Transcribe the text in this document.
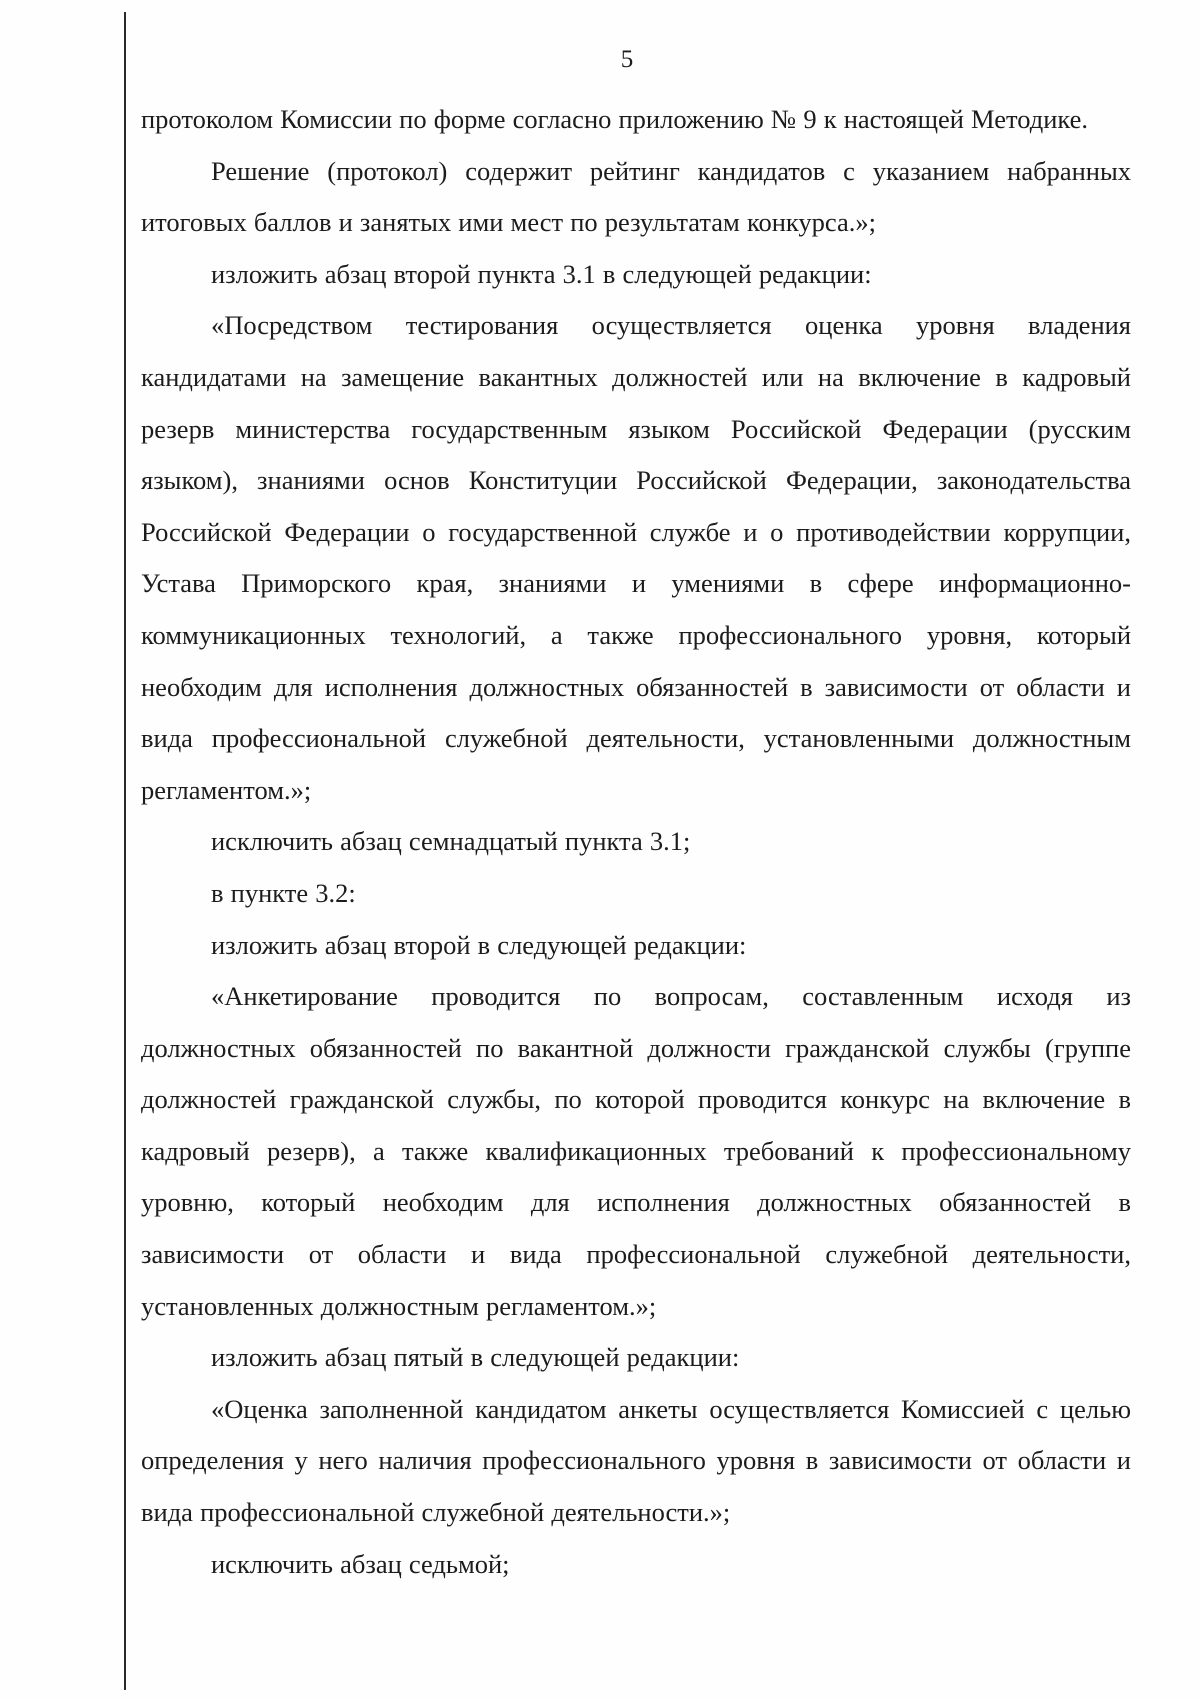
5

протоколом Комиссии по форме согласно приложению № 9 к настоящей Методике.

Решение (протокол) содержит рейтинг кандидатов с указанием набранных итоговых баллов и занятых ими мест по результатам конкурса.»;

изложить абзац второй пункта 3.1 в следующей редакции:

«Посредством тестирования осуществляется оценка уровня владения кандидатами на замещение вакантных должностей или на включение в кадровый резерв министерства государственным языком Российской Федерации (русским языком), знаниями основ Конституции Российской Федерации, законодательства Российской Федерации о государственной службе и о противодействии коррупции, Устава Приморского края, знаниями и умениями в сфере информационно-коммуникационных технологий, а также профессионального уровня, который необходим для исполнения должностных обязанностей в зависимости от области и вида профессиональной служебной деятельности, установленными должностным регламентом.»;

исключить абзац семнадцатый пункта 3.1;

в пункте 3.2:

изложить абзац второй в следующей редакции:

«Анкетирование проводится по вопросам, составленным исходя из должностных обязанностей по вакантной должности гражданской службы (группе должностей гражданской службы, по которой проводится конкурс на включение в кадровый резерв), а также квалификационных требований к профессиональному уровню, который необходим для исполнения должностных обязанностей в зависимости от области и вида профессиональной служебной деятельности, установленных должностным регламентом.»;

изложить абзац пятый в следующей редакции:

«Оценка заполненной кандидатом анкеты осуществляется Комиссией с целью определения у него наличия профессионального уровня в зависимости от области и вида профессиональной служебной деятельности.»;

исключить абзац седьмой;
